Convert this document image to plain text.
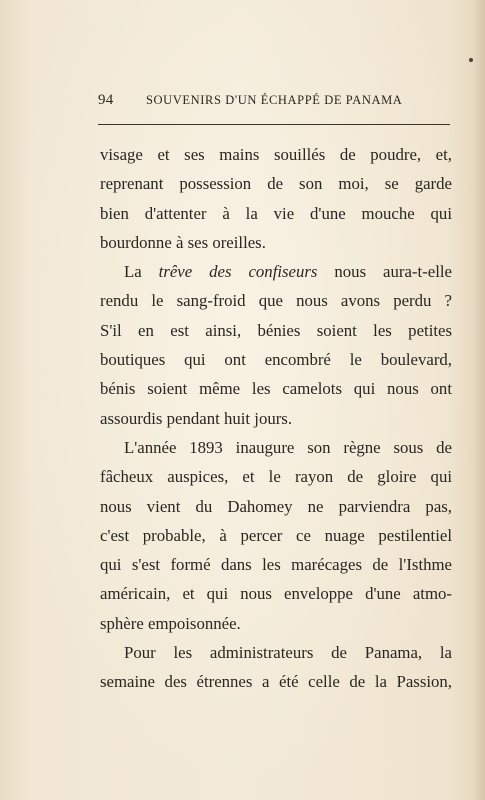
94	SOUVENIRS D'UN ÉCHAPPÉ DE PANAMA
visage et ses mains souillés de poudre, et,
reprenant possession de son moi, se garde
bien d'attenter à la vie d'une mouche qui
bourdonne à ses oreilles.
La trêve des confiseurs nous aura-t-elle
rendu le sang-froid que nous avons perdu ?
S'il en est ainsi, bénies soient les petites
boutiques qui ont encombré le boulevard,
bénis soient même les camelots qui nous ont
assourdis pendant huit jours.
L'année 1893 inaugure son règne sous de
fâcheux auspices, et le rayon de gloire qui
nous vient du Dahomey ne parviendra pas,
c'est probable, à percer ce nuage pestilentiel
qui s'est formé dans les marécages de l'Isthme
américain, et qui nous enveloppe d'une atmo-
sphère empoisonnée.
Pour les administrateurs de Panama, la
semaine des étrennes a été celle de la Passion,
